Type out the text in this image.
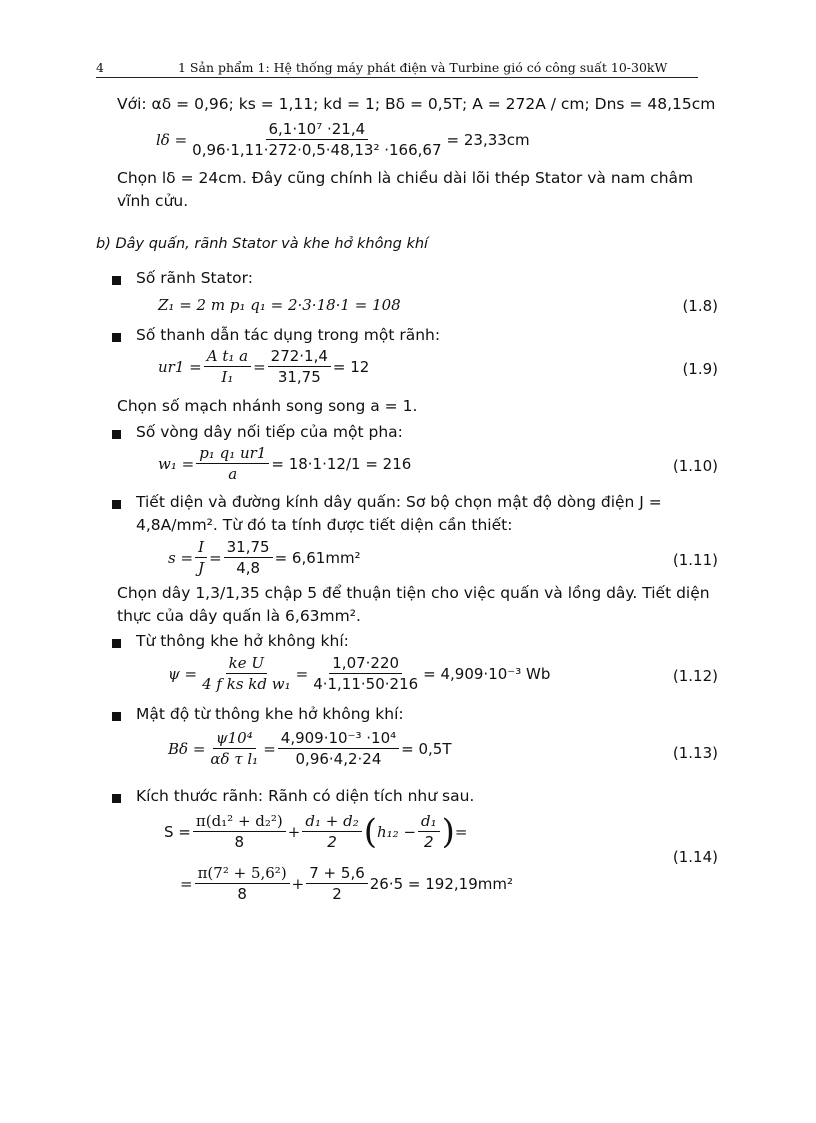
4	1 Sản phẩm 1: Hệ thống máy phát điện và Turbine gió có công suất 10-30kW
Với: αδ = 0,96; ks = 1,11; kd = 1; Bδ = 0,5T; A = 272A / cm; Dns = 48,15cm
$l\delta = \frac{\text{6,1·10⁷ ·21,4}}{\text{0,96·1,11·272·0,5·48,13² ·166,67}} = 23,33cm$
Chọn lδ = 24cm. Đây cũng chính là chiều dài lõi thép Stator và nam châm
vĩnh cửu.
b) Dây quấn, rãnh Stator và khe hở không khí
Số rãnh Stator:
Z₁ = 2 m p₁ q₁ = 2·3·18·1 = 108	(1.8)
Số thanh dẫn tác dụng trong một rãnh:
$ur1 = \frac{\text{A t₁ a}}{\text{I₁}} = \frac{272\cdot 1,4}{31,75} = 12$	(1.9)
Chọn số mạch nhánh song song a = 1.
Số vòng dây nối tiếp của một pha:
$w_1 = \frac{\text{p₁ q₁ ur1}}{a} = 18\cdot 1\cdot 12/1 = 216$	(1.10)
Tiết diện và đường kính dây quấn: Sơ bộ chọn mật độ dòng điện J =
4,8A/mm². Từ đó ta tính được tiết diện cần thiết:
$s = \frac{I}{J} = \frac{31,75}{4,8} = 6,61mm^2$	(1.11)
Chọn dây 1,3/1,35 chập 5 để thuận tiện cho việc quấn và lồng dây. Tiết diện
thực của dây quấn là 6,63mm².
Từ thông khe hở không khí:
$\psi = \frac{\text{ke U}}{\text{4 f ks kd w₁}} = \frac{1,07\cdot 220}{4\cdot 1,11\cdot 50\cdot 216} = 4,909\cdot 10^{-3}$ Wb	(1.12)
Mật độ từ thông khe hở không khí:
$B\delta = \frac{\text{ψ10⁴}}{\text{αδ τ l₁}} = \frac{\text{4,909·10⁻³ ·10⁴}}{0,96\cdot 4,2\cdot 24} = 0,5T$	(1.13)
Kích thước rãnh: Rãnh có diện tích như sau.
$S = \frac{\text{π(d₁² + d₂²)}}{8} + \frac{\text{d₁ + d₂}}{2}$ ( $h_{12} - \frac{\text{d₁}}{2}$ ) =
= $\frac{\text{π(7² + 5,6²)}}{8} + \frac{7 + 5,6}{2} 26\cdot 5 = 192,19mm^2$
(1.14)
